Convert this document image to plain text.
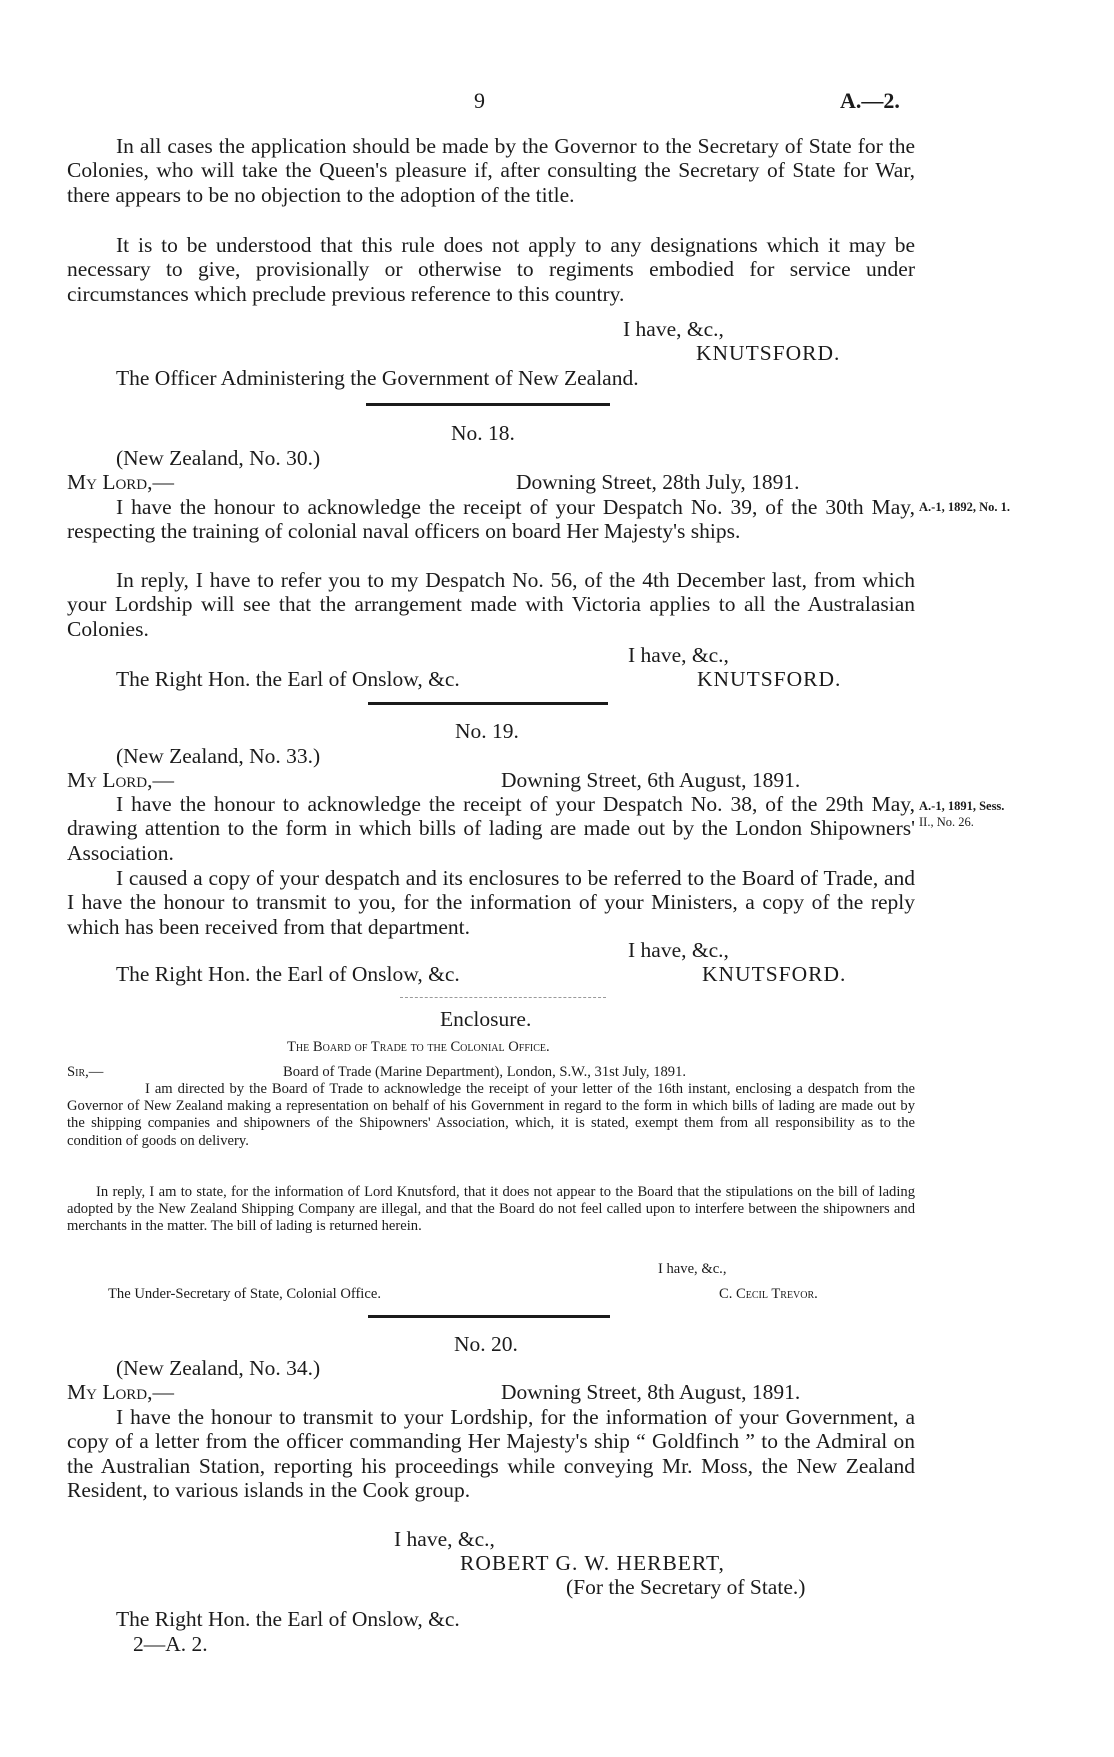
9	A.—2.
In all cases the application should be made by the Governor to the Secretary of State for the Colonies, who will take the Queen's pleasure if, after consulting the Secretary of State for War, there appears to be no objection to the adoption of the title.
It is to be understood that this rule does not apply to any designations which it may be necessary to give, provisionally or otherwise to regiments embodied for service under circumstances which preclude previous reference to this country.
I have, &c.,
KNUTSFORD.
The Officer Administering the Government of New Zealand.
No. 18.
(New Zealand, No. 30.)
My Lord,—	Downing Street, 28th July, 1891.
I have the honour to acknowledge the receipt of your Despatch No. 39, of the 30th May, respecting the training of colonial naval officers on board Her Majesty's ships.
A.-1, 1892, No. 1.
In reply, I have to refer you to my Despatch No. 56, of the 4th December last, from which your Lordship will see that the arrangement made with Victoria applies to all the Australasian Colonies.
I have, &c.,
The Right Hon. the Earl of Onslow, &c.	KNUTSFORD.
No. 19.
(New Zealand, No. 33.)
My Lord,—	Downing Street, 6th August, 1891.
I have the honour to acknowledge the receipt of your Despatch No. 38, of the 29th May, drawing attention to the form in which bills of lading are made out by the London Shipowners' Association.
A.-1, 1891, Sess.
II., No. 26.
I caused a copy of your despatch and its enclosures to be referred to the Board of Trade, and I have the honour to transmit to you, for the information of your Ministers, a copy of the reply which has been received from that department.
I have, &c.,
The Right Hon. the Earl of Onslow, &c.	KNUTSFORD.
Enclosure.
The Board of Trade to the Colonial Office.
Sir,—	Board of Trade (Marine Department), London, S.W., 31st July, 1891.
I am directed by the Board of Trade to acknowledge the receipt of your letter of the 16th instant, enclosing a despatch from the Governor of New Zealand making a representation on behalf of his Government in regard to the form in which bills of lading are made out by the shipping companies and shipowners of the Shipowners' Association, which, it is stated, exempt them from all responsibility as to the condition of goods on delivery.
In reply, I am to state, for the information of Lord Knutsford, that it does not appear to the Board that the stipulations on the bill of lading adopted by the New Zealand Shipping Company are illegal, and that the Board do not feel called upon to interfere between the shipowners and merchants in the matter. The bill of lading is returned herein.
I have, &c.,
The Under-Secretary of State, Colonial Office.	C. Cecil Trevor.
No. 20.
(New Zealand, No. 34.)
My Lord,—	Downing Street, 8th August, 1891.
I have the honour to transmit to your Lordship, for the information of your Government, a copy of a letter from the officer commanding Her Majesty's ship “ Goldfinch ” to the Admiral on the Australian Station, reporting his proceedings while conveying Mr. Moss, the New Zealand Resident, to various islands in the Cook group.
I have, &c.,
ROBERT G. W. HERBERT,
(For the Secretary of State.)
The Right Hon. the Earl of Onslow, &c.
2—A. 2.
